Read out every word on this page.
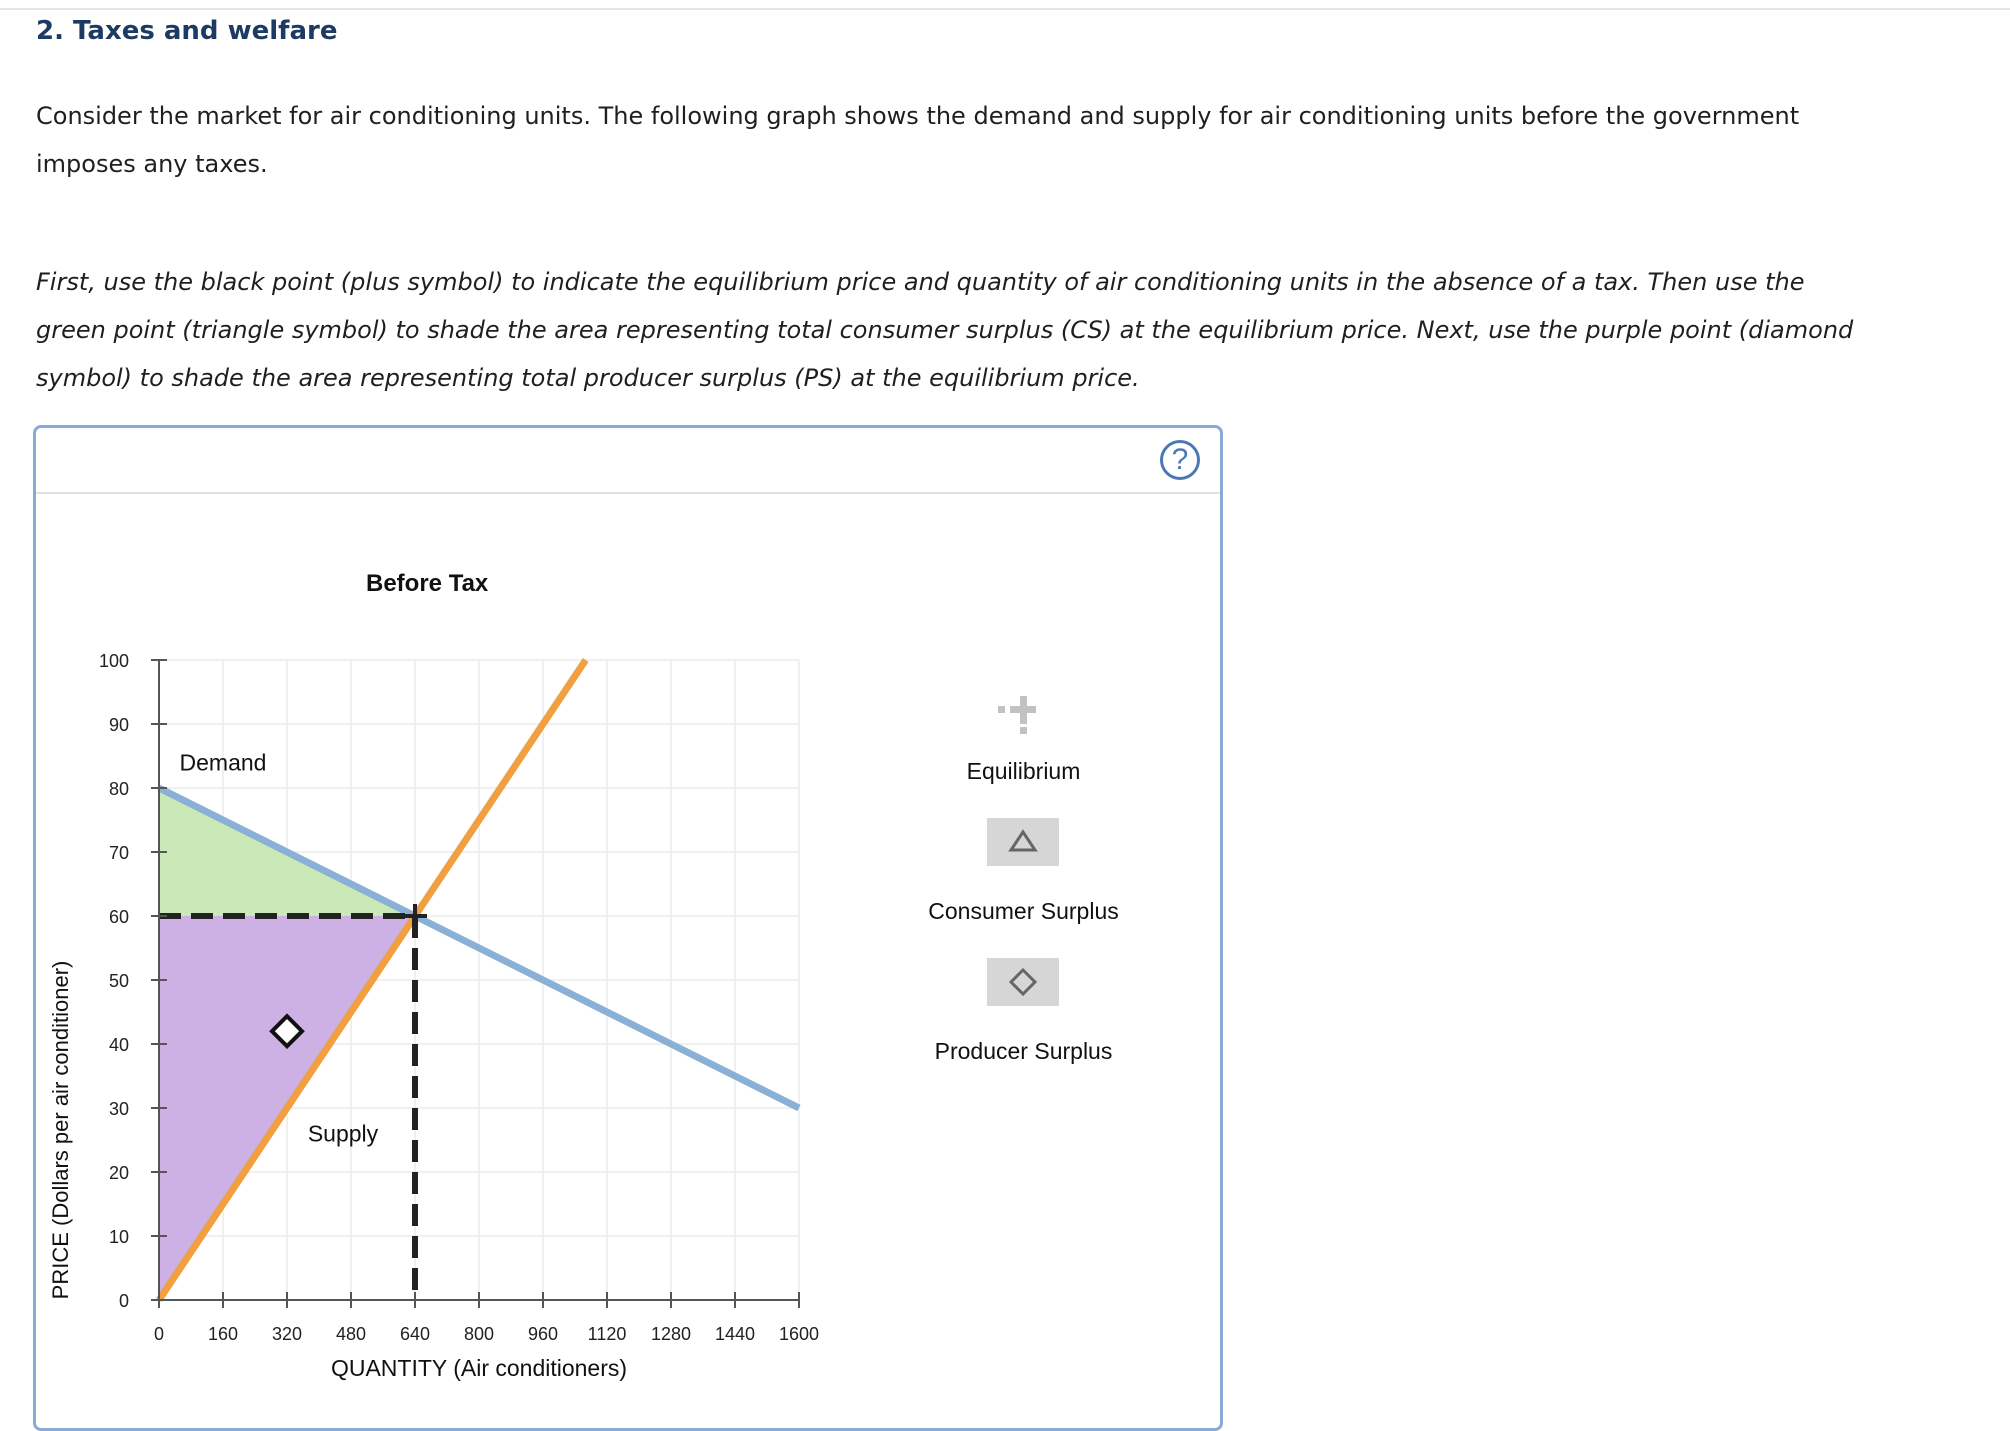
2. Taxes and welfare
Consider the market for air conditioning units. The following graph shows the demand and supply for air conditioning units before the government
imposes any taxes.
First, use the black point (plus symbol) to indicate the equilibrium price and quantity of air conditioning units in the absence of a tax. Then use the
green point (triangle symbol) to shade the area representing total consumer surplus (CS) at the equilibrium price. Next, use the purple point (diamond
symbol) to shade the area representing total producer surplus (PS) at the equilibrium price.
?
Before Tax
0
10
20
30
40
50
60
70
80
90
100
0 160 320 480 640 800 960 1120 1280 1440 1600
Demand
Supply
QUANTITY (Air conditioners)
PRICE (Dollars per air conditioner)
Equilibrium
Consumer Surplus
Producer Surplus
